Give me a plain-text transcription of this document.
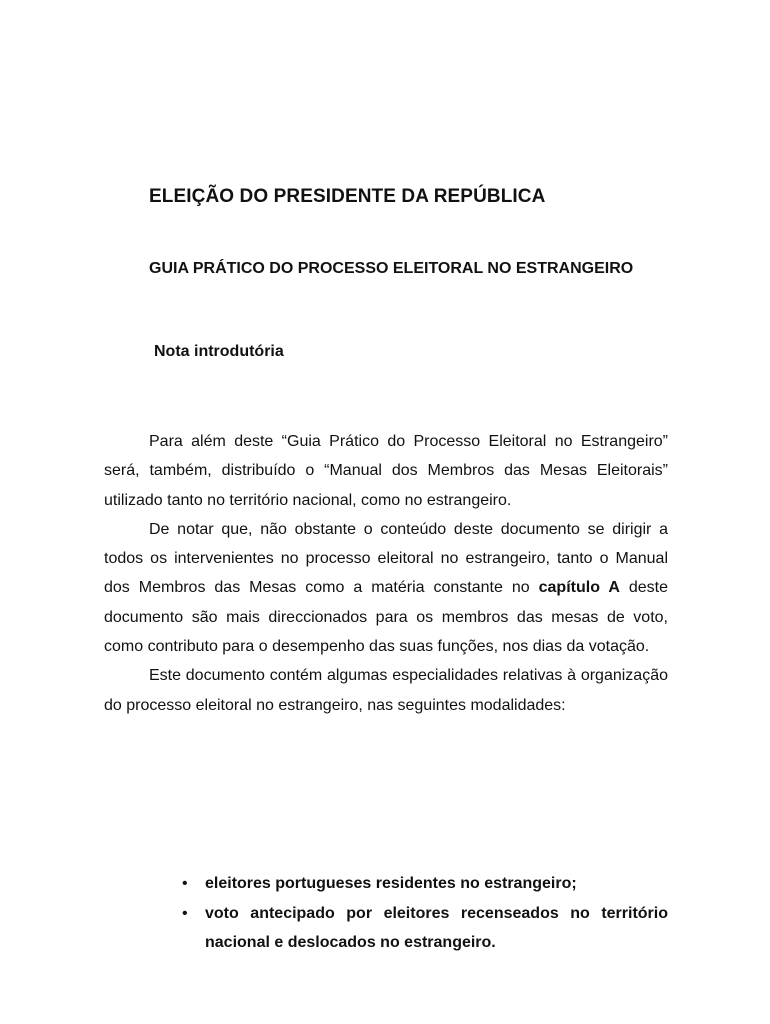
ELEIÇÃO DO PRESIDENTE DA REPÚBLICA
GUIA PRÁTICO DO PROCESSO ELEITORAL NO ESTRANGEIRO
Nota introdutória

Para além deste “Guia Prático do Processo Eleitoral no Estrangeiro” será, também, distribuído o “Manual dos Membros das Mesas Eleitorais” utilizado tanto no território nacional, como no estrangeiro.

De notar que, não obstante o conteúdo deste documento se dirigir a todos os intervenientes no processo eleitoral no estrangeiro, tanto o Manual dos Membros das Mesas como a matéria constante no capítulo A deste documento são mais direccionados para os membros das mesas de voto, como contributo para o desempenho das suas funções, nos dias da votação.

Este documento contém algumas especialidades relativas à organização do processo eleitoral no estrangeiro, nas seguintes modalidades:

• eleitores portugueses residentes no estrangeiro;
• voto antecipado por eleitores recenseados no território nacional e deslocados no estrangeiro.
